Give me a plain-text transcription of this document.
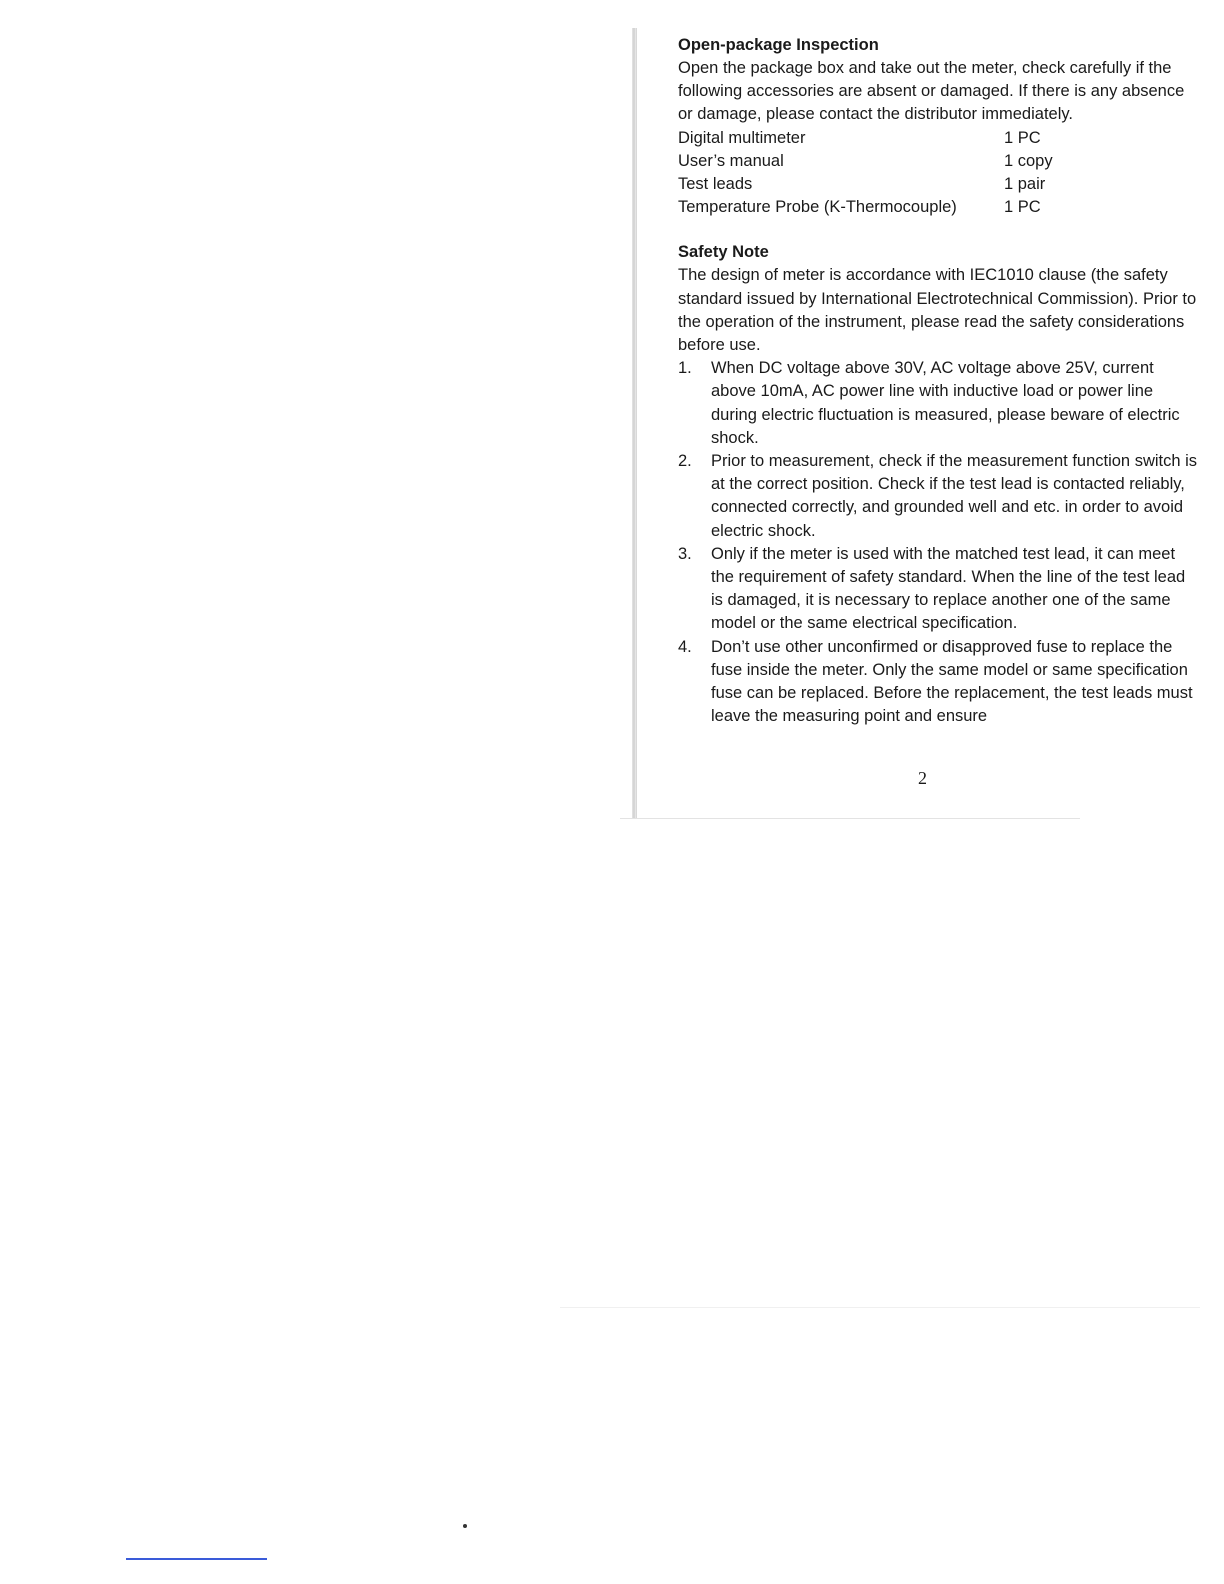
Open-package Inspection

Open the package box and take out the meter, check carefully if the following accessories are absent or damaged. If there is any absence or damage, please contact the distributor immediately.

Digital multimeter	1 PC
User’s manual	1 copy
Test leads	1 pair
Temperature Probe (K-Thermocouple)	1 PC
Safety Note

The design of meter is accordance with IEC1010 clause (the safety standard issued by International Electrotechnical Commission). Prior to the operation of the instrument, please read the safety considerations before use.

1. When DC voltage above 30V, AC voltage above 25V, current above 10mA, AC power line with inductive load or power line during electric fluctuation is measured, please beware of electric shock.
2. Prior to measurement, check if the measurement function switch is at the correct position. Check if the test lead is contacted reliably, connected correctly, and grounded well and etc. in order to avoid electric shock.
3. Only if the meter is used with the matched test lead, it can meet the requirement of safety standard. When the line of the test lead is damaged, it is necessary to replace another one of the same model or the same electrical specification.
4. Don’t use other unconfirmed or disapproved fuse to replace the fuse inside the meter. Only the same model or same specification fuse can be replaced. Before the replacement, the test leads must leave the measuring point and ensure
2
